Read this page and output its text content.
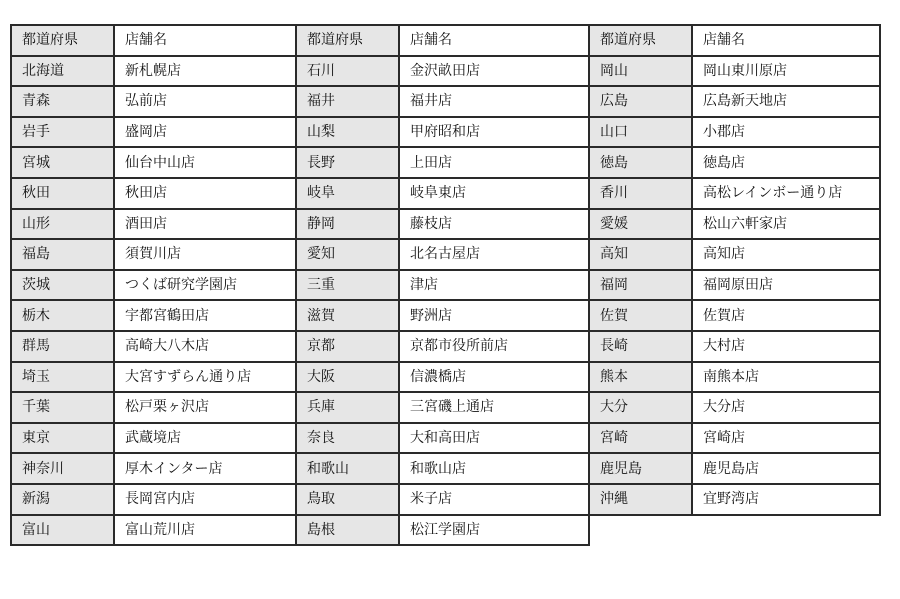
都道府県	店舗名
北海道	新札幌店
青森	弘前店
岩手	盛岡店
宮城	仙台中山店
秋田	秋田店
山形	酒田店
福島	須賀川店
茨城	つくば研究学園店
栃木	宇都宮鶴田店
群馬	高崎大八木店
埼玉	大宮すずらん通り店
千葉	松戸栗ヶ沢店
東京	武蔵境店
神奈川	厚木インター店
新潟	長岡宮内店
富山	富山荒川店
都道府県	店舗名
石川	金沢畝田店
福井	福井店
山梨	甲府昭和店
長野	上田店
岐阜	岐阜東店
静岡	藤枝店
愛知	北名古屋店
三重	津店
滋賀	野洲店
京都	京都市役所前店
大阪	信濃橋店
兵庫	三宮磯上通店
奈良	大和高田店
和歌山	和歌山店
鳥取	米子店
島根	松江学園店
都道府県	店舗名
岡山	岡山東川原店
広島	広島新天地店
山口	小郡店
徳島	徳島店
香川	高松レインボー通り店
愛媛	松山六軒家店
高知	高知店
福岡	福岡原田店
佐賀	佐賀店
長崎	大村店
熊本	南熊本店
大分	大分店
宮崎	宮崎店
鹿児島	鹿児島店
沖縄	宜野湾店
